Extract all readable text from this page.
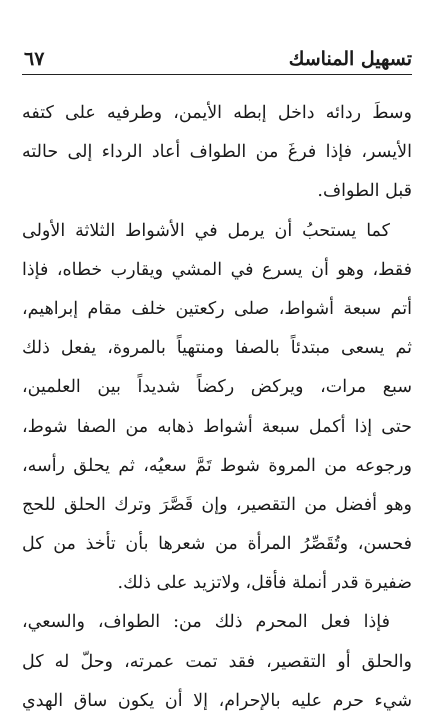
تسهيل المناسك
٦٧
وسطَ ردائه داخل إبطه الأيمن، وطرفيه على كتفه
الأيسر، فإذا فرغَ من الطواف أعاد الرداء إلى حالته
قبل الطواف.
كما يستحبُ أن يرمل في الأشواط الثلاثة الأولى
فقط، وهو أن يسرع في المشي ويقارب خطاه، فإذا
أتم سبعة أشواط، صلى ركعتين خلف مقام إبراهيم،
ثم يسعى مبتدئاً بالصفا ومنتهياً بالمروة، يفعل ذلك
سبع مرات، ويركض ركضاً شديداً بين العلمين،
حتى إذا أكمل سبعة أشواط ذهابه من الصفا شوط،
ورجوعه من المروة شوط تَمَّ سعيُه، ثم يحلق رأسه،
وهو أفضل من التقصير، وإن قَصَّرَ وترك الحلق للحج
فحسن، وتُقَصِّرُ المرأة من شعرها بأن تأخذ من كل
ضفيرة قدر أنملة فأقل، ولاتزيد على ذلك.
فإذا فعل المحرم ذلك من: الطواف، والسعي،
والحلق أو التقصير، فقد تمت عمرته، وحلّ له كل
شيء حرم عليه بالإحرام، إلا أن يكون ساق الهدي
